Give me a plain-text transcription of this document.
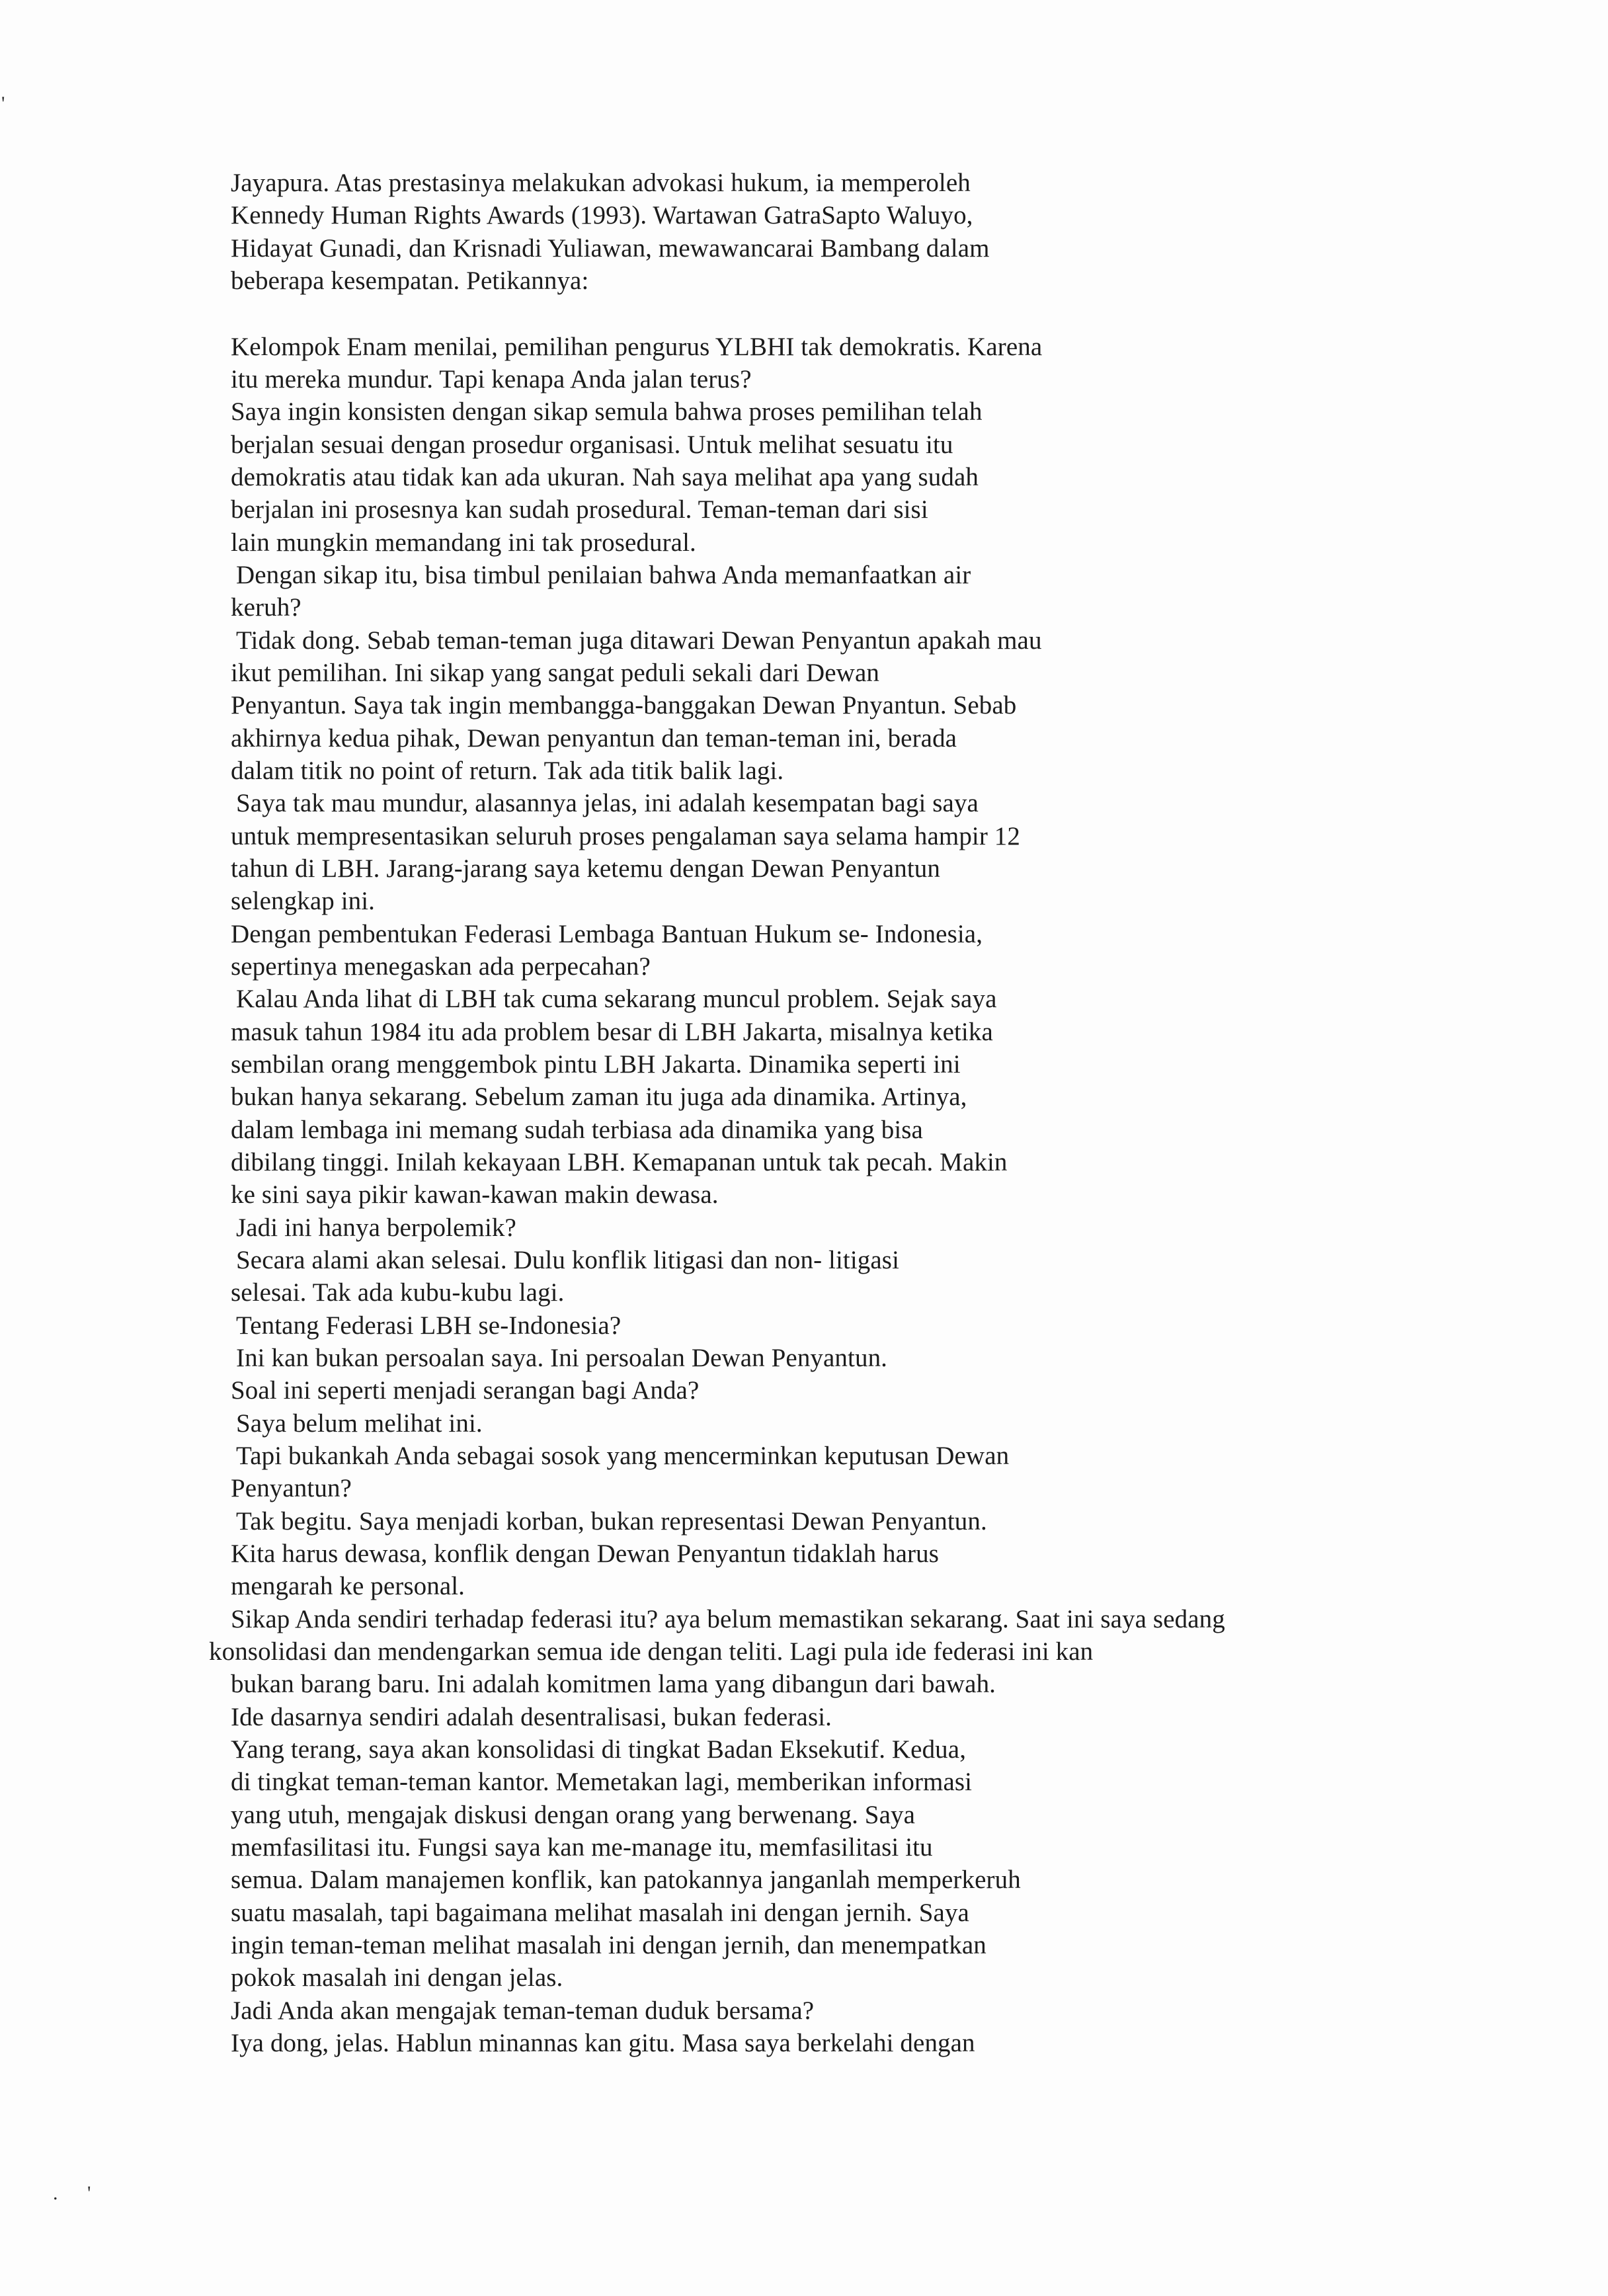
Jayapura. Atas prestasinya melakukan advokasi hukum, ia memperoleh
Kennedy Human Rights Awards (1993). Wartawan GatraSapto Waluyo,
Hidayat Gunadi, dan Krisnadi Yuliawan, mewawancarai Bambang dalam
beberapa kesempatan. Petikannya:
Kelompok Enam menilai, pemilihan pengurus YLBHI tak demokratis. Karena
itu mereka mundur. Tapi kenapa Anda jalan terus?
Saya ingin konsisten dengan sikap semula bahwa proses pemilihan telah
berjalan sesuai dengan prosedur organisasi. Untuk melihat sesuatu itu
demokratis atau tidak kan ada ukuran. Nah saya melihat apa yang sudah
berjalan ini prosesnya kan sudah prosedural. Teman-teman dari sisi
lain mungkin memandang ini tak prosedural.
Dengan sikap itu, bisa timbul penilaian bahwa Anda memanfaatkan air
keruh?
Tidak dong. Sebab teman-teman juga ditawari Dewan Penyantun apakah mau
ikut pemilihan. Ini sikap yang sangat peduli sekali dari Dewan
Penyantun. Saya tak ingin membangga-banggakan Dewan Pnyantun. Sebab
akhirnya kedua pihak, Dewan penyantun dan teman-teman ini, berada
dalam titik no point of return. Tak ada titik balik lagi.
Saya tak mau mundur, alasannya jelas, ini adalah kesempatan bagi saya
untuk mempresentasikan seluruh proses pengalaman saya selama hampir 12
tahun di LBH. Jarang-jarang saya ketemu dengan Dewan Penyantun
selengkap ini.
Dengan pembentukan Federasi Lembaga Bantuan Hukum se- Indonesia,
sepertinya menegaskan ada perpecahan?
Kalau Anda lihat di LBH tak cuma sekarang muncul problem. Sejak saya
masuk tahun 1984 itu ada problem besar di LBH Jakarta, misalnya ketika
sembilan orang menggembok pintu LBH Jakarta. Dinamika seperti ini
bukan hanya sekarang. Sebelum zaman itu juga ada dinamika. Artinya,
dalam lembaga ini memang sudah terbiasa ada dinamika yang bisa
dibilang tinggi. Inilah kekayaan LBH. Kemapanan untuk tak pecah. Makin
ke sini saya pikir kawan-kawan makin dewasa.
Jadi ini hanya berpolemik?
Secara alami akan selesai. Dulu konflik litigasi dan non- litigasi
selesai. Tak ada kubu-kubu lagi.
Tentang Federasi LBH se-Indonesia?
Ini kan bukan persoalan saya. Ini persoalan Dewan Penyantun.
Soal ini seperti menjadi serangan bagi Anda?
Saya belum melihat ini.
Tapi bukankah Anda sebagai sosok yang mencerminkan keputusan Dewan
Penyantun?
Tak begitu. Saya menjadi korban, bukan representasi Dewan Penyantun.
Kita harus dewasa, konflik dengan Dewan Penyantun tidaklah harus
mengarah ke personal.
Sikap Anda sendiri terhadap federasi itu? aya belum memastikan sekarang. Saat ini saya sedang
konsolidasi dan mendengarkan semua ide dengan teliti. Lagi pula ide federasi ini kan
bukan barang baru. Ini adalah komitmen lama yang dibangun dari bawah.
Ide dasarnya sendiri adalah desentralisasi, bukan federasi.
Yang terang, saya akan konsolidasi di tingkat Badan Eksekutif. Kedua,
di tingkat teman-teman kantor. Memetakan lagi, memberikan informasi
yang utuh, mengajak diskusi dengan orang yang berwenang. Saya
memfasilitasi itu. Fungsi saya kan me-manage itu, memfasilitasi itu
semua. Dalam manajemen konflik, kan patokannya janganlah memperkeruh
suatu masalah, tapi bagaimana melihat masalah ini dengan jernih. Saya
ingin teman-teman melihat masalah ini dengan jernih, dan menempatkan
pokok masalah ini dengan jelas.
Jadi Anda akan mengajak teman-teman duduk bersama?
Iya dong, jelas. Hablun minannas kan gitu. Masa saya berkelahi dengan
'
. '
